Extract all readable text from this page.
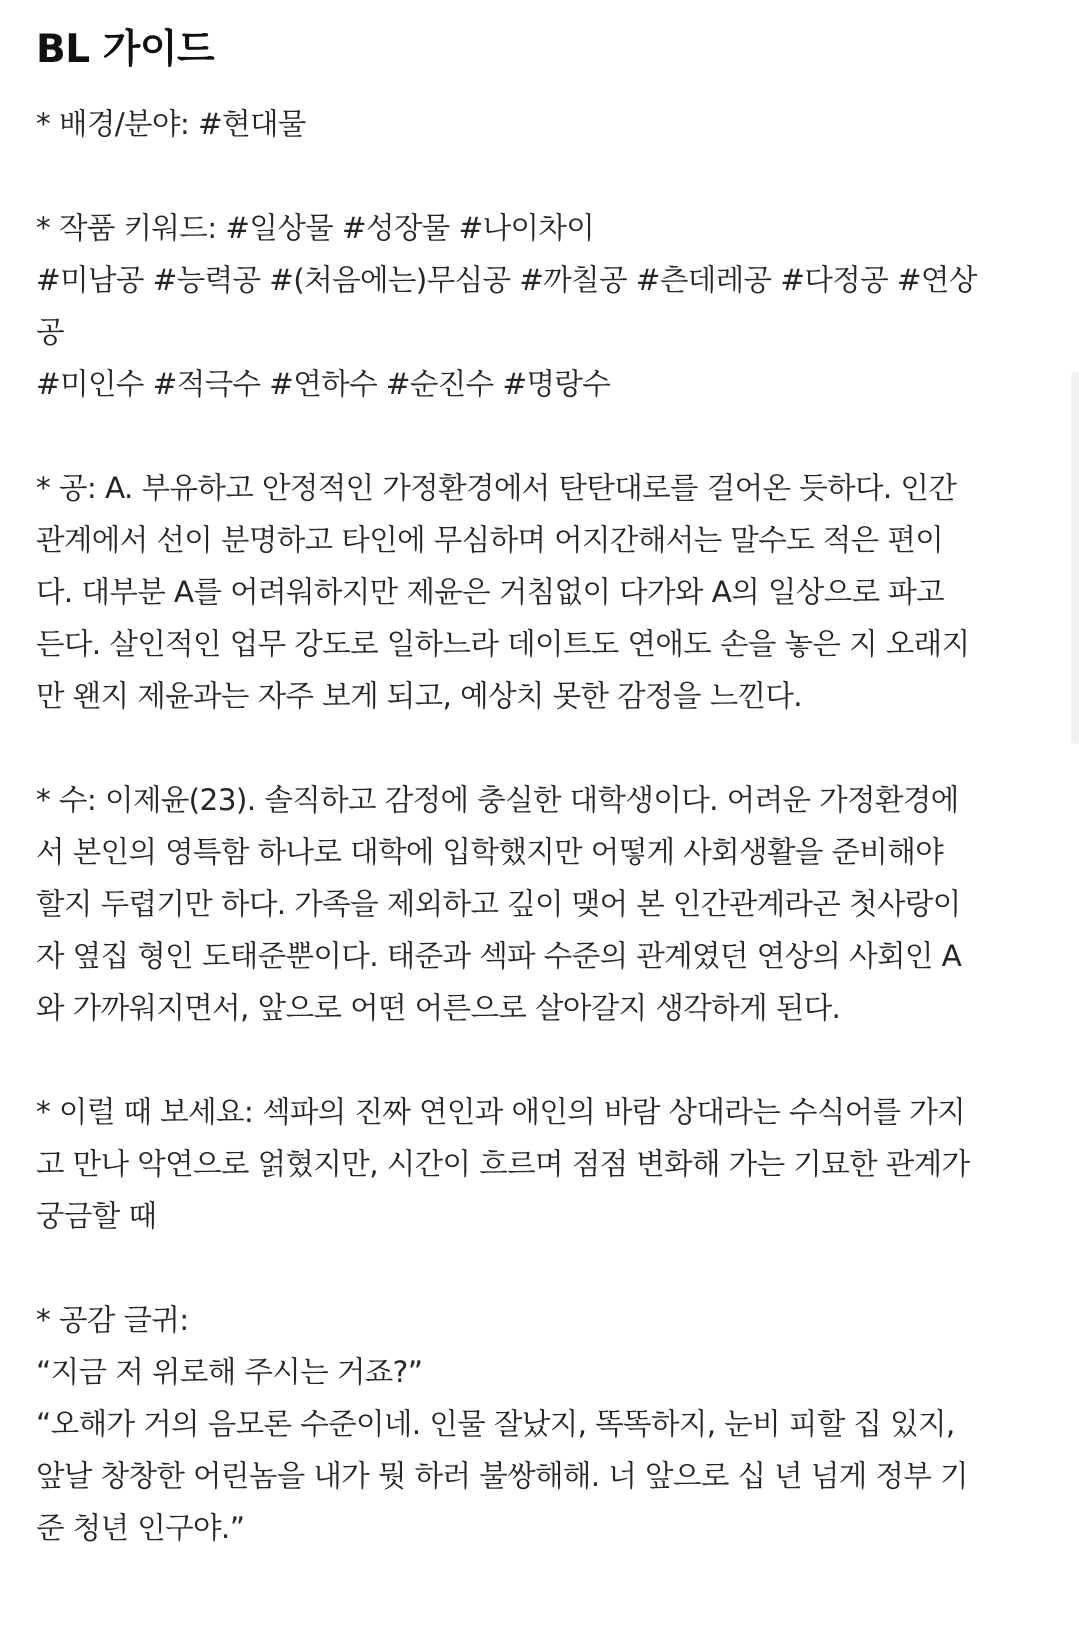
BL 가이드

* 배경/분야: #현대물
* 작품 키워드: #일상물 #성장물 #나이차이
#미남공 #능력공 #(처음에는)무심공 #까칠공 #츤데레공 #다정공 #연상
공
#미인수 #적극수 #연하수 #순진수 #명랑수
* 공: A. 부유하고 안정적인 가정환경에서 탄탄대로를 걸어온 듯하다. 인간
관계에서 선이 분명하고 타인에 무심하며 어지간해서는 말수도 적은 편이
다. 대부분 A를 어려워하지만 제윤은 거침없이 다가와 A의 일상으로 파고
든다. 살인적인 업무 강도로 일하느라 데이트도 연애도 손을 놓은 지 오래지
만 왠지 제윤과는 자주 보게 되고, 예상치 못한 감정을 느낀다.
* 수: 이제윤(23). 솔직하고 감정에 충실한 대학생이다. 어려운 가정환경에
서 본인의 영특함 하나로 대학에 입학했지만 어떻게 사회생활을 준비해야
할지 두렵기만 하다. 가족을 제외하고 깊이 맺어 본 인간관계라곤 첫사랑이
자 옆집 형인 도태준뿐이다. 태준과 섹파 수준의 관계였던 연상의 사회인 A
와 가까워지면서, 앞으로 어떤 어른으로 살아갈지 생각하게 된다.
* 이럴 때 보세요: 섹파의 진짜 연인과 애인의 바람 상대라는 수식어를 가지
고 만나 악연으로 얽혔지만, 시간이 흐르며 점점 변화해 가는 기묘한 관계가
궁금할 때
* 공감 글귀:
“지금 저 위로해 주시는 거죠?”
“오해가 거의 음모론 수준이네. 인물 잘났지, 똑똑하지, 눈비 피할 집 있지,
앞날 창창한 어린놈을 내가 뭣 하러 불쌍해해. 너 앞으로 십 년 넘게 정부 기
준 청년 인구야.”
